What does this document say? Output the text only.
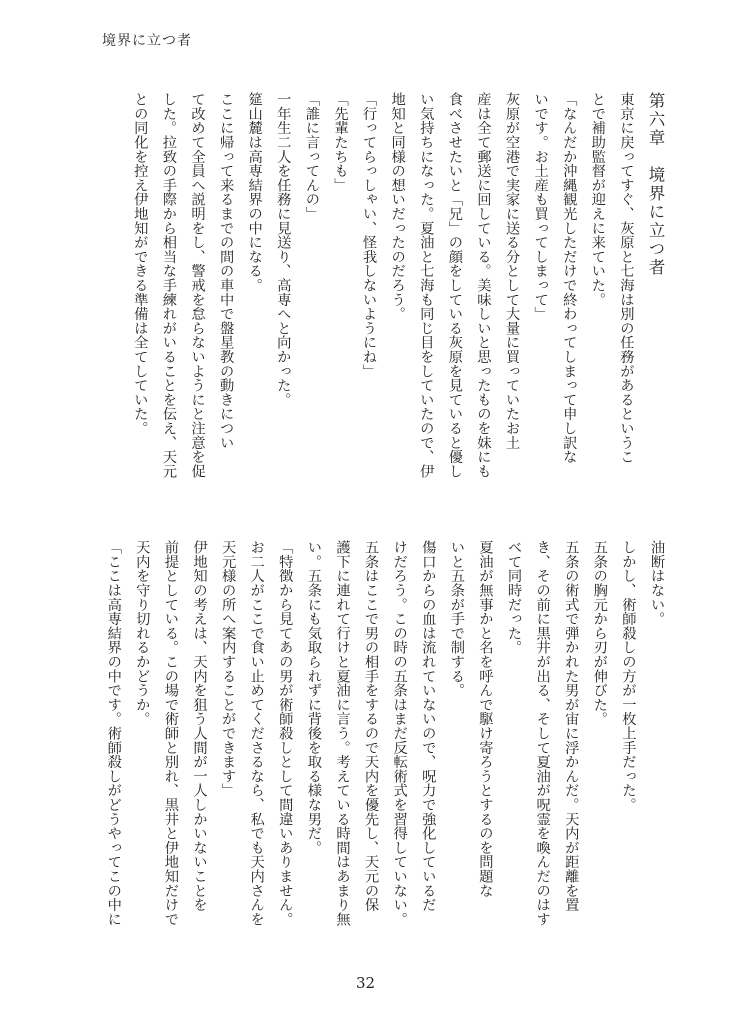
境界に立つ者
第六章　境界に立つ者
東京に戻ってすぐ、灰原と七海は別の任務があるというこ
とで補助監督が迎えに来ていた。
「なんだか沖縄観光しただけで終わってしまって申し訳な
いです。お土産も買ってしまって」
灰原が空港で実家に送る分として大量に買っていたお土
産は全て郵送に回している。美味しいと思ったものを妹にも
食べさせたいと「兄」の顔をしている灰原を見ていると優し
い気持ちになった。夏油と七海も同じ目をしていたので、伊
地知と同様の想いだったのだろう。
「行ってらっしゃい、怪我しないようにね」
「先輩たちも」
「誰に言ってんの」
一年生二人を任務に見送り、高専へと向かった。
筵山麓は高専結界の中になる。
ここに帰って来るまでの間の車中で盤星教の動きについ
て改めて全員へ説明をし、警戒を怠らないようにと注意を促
した。拉致の手際から相当な手練れがいることを伝え、天元
との同化を控え伊地知ができる準備は全てしていた。
油断はない。
しかし、術師殺しの方が一枚上手だった。
五条の胸元から刃が伸びた。
五条の術式で弾かれた男が宙に浮かんだ。天内が距離を置
き、その前に黒井が出る、そして夏油が呪霊を喚んだのはす
べて同時だった。
夏油が無事かと名を呼んで駆け寄ろうとするのを問題な
いと五条が手で制する。
傷口からの血は流れていないので、呪力で強化しているだ
けだろう。この時の五条はまだ反転術式を習得していない。
五条はここで男の相手をするので天内を優先し、天元の保
護下に連れて行けと夏油に言う。考えている時間はあまり無
い。五条にも気取られずに背後を取る様な男だ。
「特徴から見てあの男が術師殺しとして間違いありません。
お二人がここで食い止めてくださるなら、私でも天内さんを
天元様の所へ案内することができます」
伊地知の考えは、天内を狙う人間が一人しかいないことを
前提としている。この場で術師と別れ、黒井と伊地知だけで
天内を守り切れるかどうか。
「ここは高専結界の中です。術師殺しがどうやってこの中に
32
